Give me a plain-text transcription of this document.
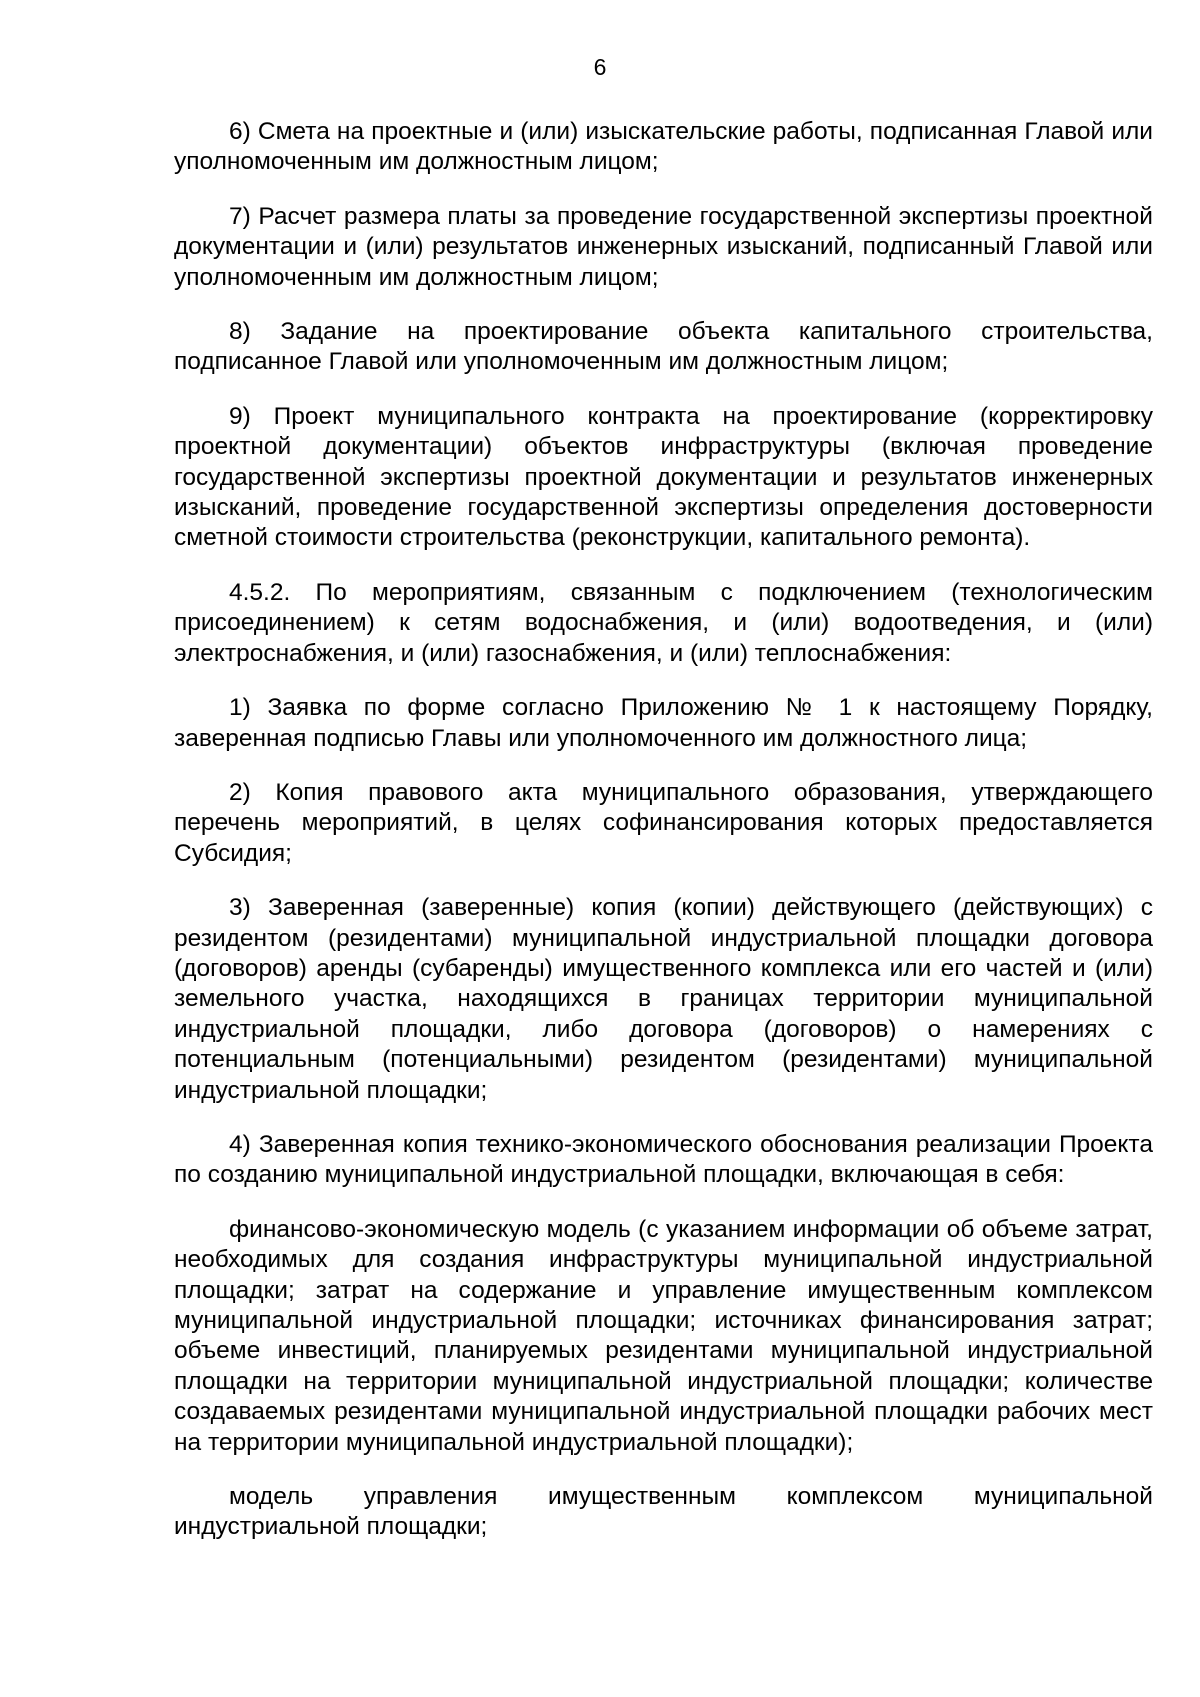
6

6) Смета на проектные и (или) изыскательские работы, подписанная Главой или уполномоченным им должностным лицом;

7) Расчет размера платы за проведение государственной экспертизы проектной документации и (или) результатов инженерных изысканий, подписанный Главой или уполномоченным им должностным лицом;

8) Задание на проектирование объекта капитального строительства, подписанное Главой или уполномоченным им должностным лицом;

9) Проект муниципального контракта на проектирование (корректировку проектной документации) объектов инфраструктуры (включая проведение государственной экспертизы проектной документации и результатов инженерных изысканий, проведение государственной экспертизы определения достоверности сметной стоимости строительства (реконструкции, капитального ремонта).

4.5.2. По мероприятиям, связанным с подключением (технологическим присоединением) к сетям водоснабжения, и (или) водоотведения, и (или) электроснабжения, и (или) газоснабжения, и (или) теплоснабжения:

1) Заявка по форме согласно Приложению № 1 к настоящему Порядку, заверенная подписью Главы или уполномоченного им должностного лица;

2) Копия правового акта муниципального образования, утверждающего перечень мероприятий, в целях софинансирования которых предоставляется Субсидия;

3) Заверенная (заверенные) копия (копии) действующего (действующих) с резидентом (резидентами) муниципальной индустриальной площадки договора (договоров) аренды (субаренды) имущественного комплекса или его частей и (или) земельного участка, находящихся в границах территории муниципальной индустриальной площадки, либо договора (договоров) о намерениях с потенциальным (потенциальными) резидентом (резидентами) муниципальной индустриальной площадки;

4) Заверенная копия технико-экономического обоснования реализации Проекта по созданию муниципальной индустриальной площадки, включающая в себя:

финансово-экономическую модель (с указанием информации об объеме затрат, необходимых для создания инфраструктуры муниципальной индустриальной площадки; затрат на содержание и управление имущественным комплексом муниципальной индустриальной площадки; источниках финансирования затрат; объеме инвестиций, планируемых резидентами муниципальной индустриальной площадки на территории муниципальной индустриальной площадки; количестве создаваемых резидентами муниципальной индустриальной площадки рабочих мест на территории муниципальной индустриальной площадки);

модель управления имущественным комплексом муниципальной индустриальной площадки;
